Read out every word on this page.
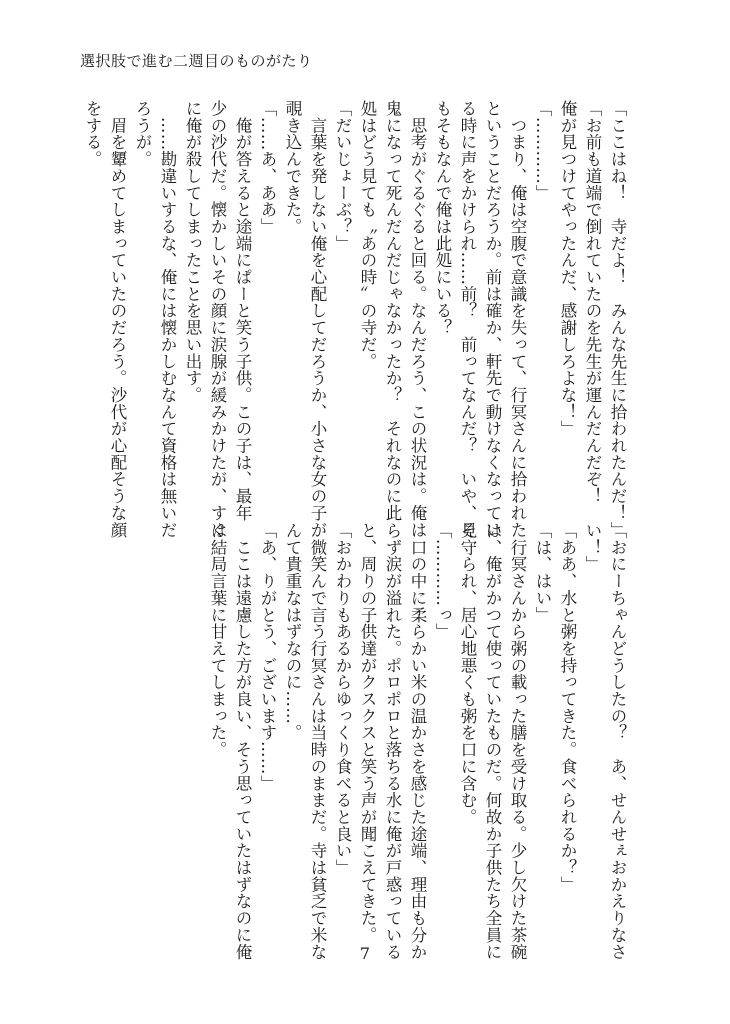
選択肢で進む二週目のものがたり
「ここはね！　寺だよ！　みんな先生に拾われたんだ！」
「お前も道端で倒れていたのを先生が運んだんだぞ！
俺が見つけてやったんだ、感謝しろよな！」
「…………」
　つまり、俺は空腹で意識を失って、行冥さんに拾われた
ということだろうか。前は確か、軒先で動けなくなってい
る時に声をかけられ……前？　前ってなんだ？　いや、そ
もそもなんで俺は此処にいる？
　思考がぐるぐると回る。なんだろう、この状況は。俺は
鬼になって死んだんだじゃなかったか？　それなのに此
処はどう見ても〝あの時〟の寺だ。
「だいじょーぶ？」
　言葉を発しない俺を心配してだろうか、小さな女の子が
覗き込んできた。
「……あ、ああ」
　俺が答えると途端にぱーと笑う子供。この子は、最年
少の沙代だ。懐かしいその顔に涙腺が緩みかけたが、すぐ
に俺が殺してしまったことを思い出す。
　……勘違いするな、俺には懐かしむなんて資格は無いだ
ろうが。
　眉を顰めてしまっていたのだろう。沙代が心配そうな顔
をする。
「おにーちゃんどうしたの？　あ、せんせぇおかえりなさ
い！」
「ああ、水と粥を持ってきた。食べられるか？」
「は、はい」
　行冥さんから粥の載った膳を受け取る。少し欠けた茶碗
は、俺がかつて使っていたものだ。何故か子供たち全員に
見守られ、居心地悪くも粥を口に含む。
「…………っ」
　口の中に柔らかい米の温かさを感じた途端、理由も分か
らず涙が溢れた。ポロポロと落ちる水に俺が戸惑っている
と、周りの子供達がクスクスと笑う声が聞こえてきた。
「おかわりもあるからゆっくり食べると良い」
　微笑んで言う行冥さんは当時のままだ。寺は貧乏で米な
んて貴重なはずなのに……。
「あ、りがとう、ございます……」
　ここは遠慮した方が良い、そう思っていたはずなのに俺
は結局言葉に甘えてしまった。
7
